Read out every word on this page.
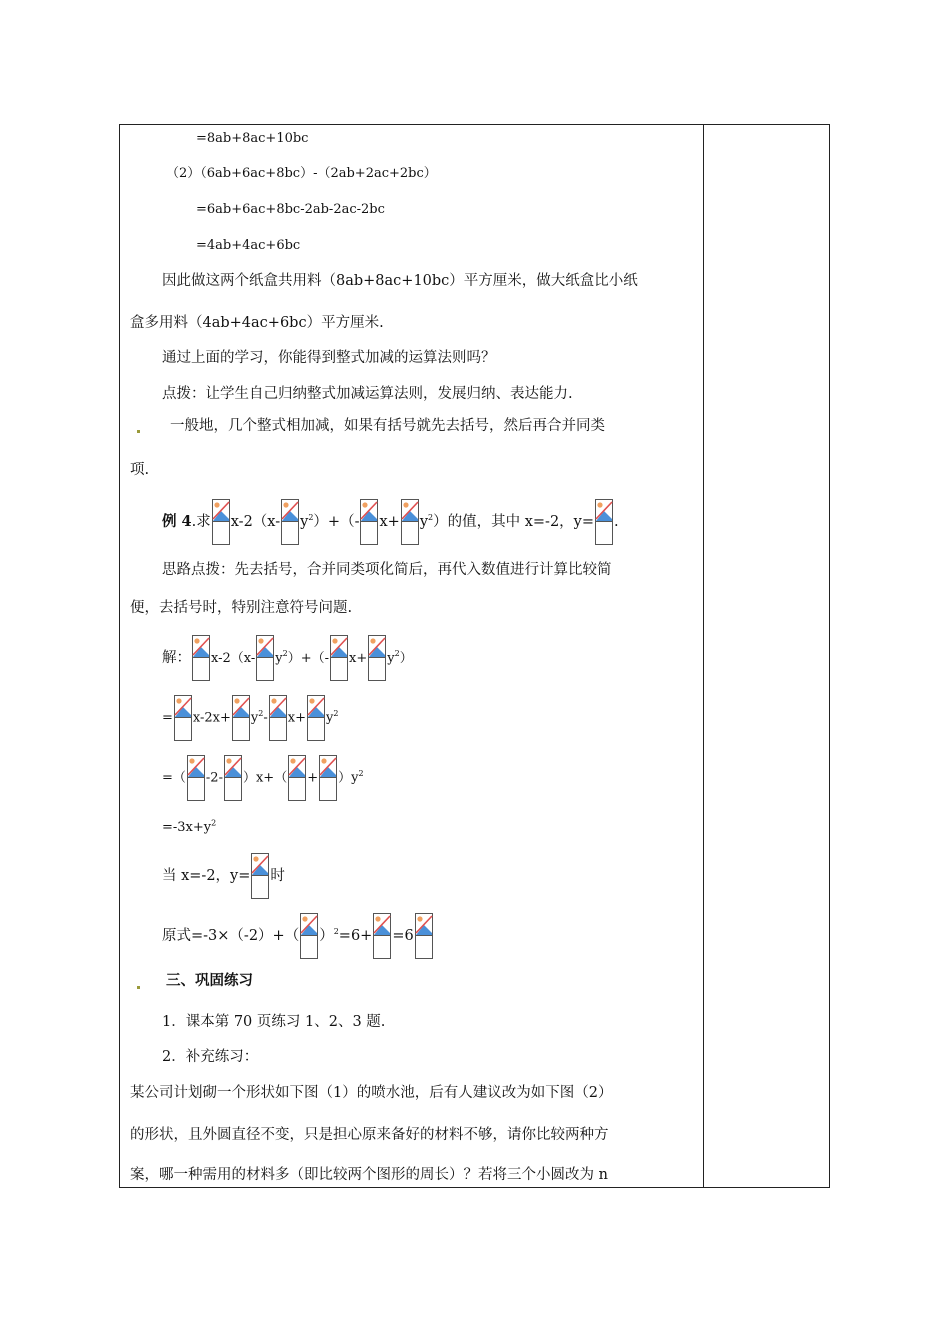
=8ab+8ac+10bc
（2）（6ab+6ac+8bc）-（2ab+2ac+2bc）
=6ab+6ac+8bc-2ab-2ac-2bc
=4ab+4ac+6bc
因此做这两个纸盒共用料（8ab+8ac+10bc）平方厘米，做大纸盒比小纸
盒多用料（4ab+4ac+6bc）平方厘米.
通过上面的学习，你能得到整式加减的运算法则吗？
点拨：让学生自己归纳整式加减运算法则，发展归纳、表达能力.
一般地，几个整式相加减，如果有括号就先去括号，然后再合并同类
项.
例 4.求 x-2（x- $y^2)+(-$ $x+ y^2$）的值，其中 x=-2，y= .
思路点拨：先去括号，合并同类项化简后，再代入数值进行计算比较简
便，去括号时，特别注意符号问题.
解： x-2（x- $y^2)+(-$ $x+ y^2$）
= $x-2x+ y^2-$ $x+ y^2$
=（ -2- ）$x+( + )y^2$
$=-3x+y^2$
当 x=-2，y= 时
原式=-3×（-2）+（ ）$^2$=6+ =6
三、巩固练习
1．课本第 70 页练习 1、2、3 题.
2．补充练习：
某公司计划砌一个形状如下图（1）的喷水池，后有人建议改为如下图（2）
的形状，且外圆直径不变，只是担心原来备好的材料不够，请你比较两种方
案，哪一种需用的材料多（即比较两个图形的周长）？若将三个小圆改为 n
